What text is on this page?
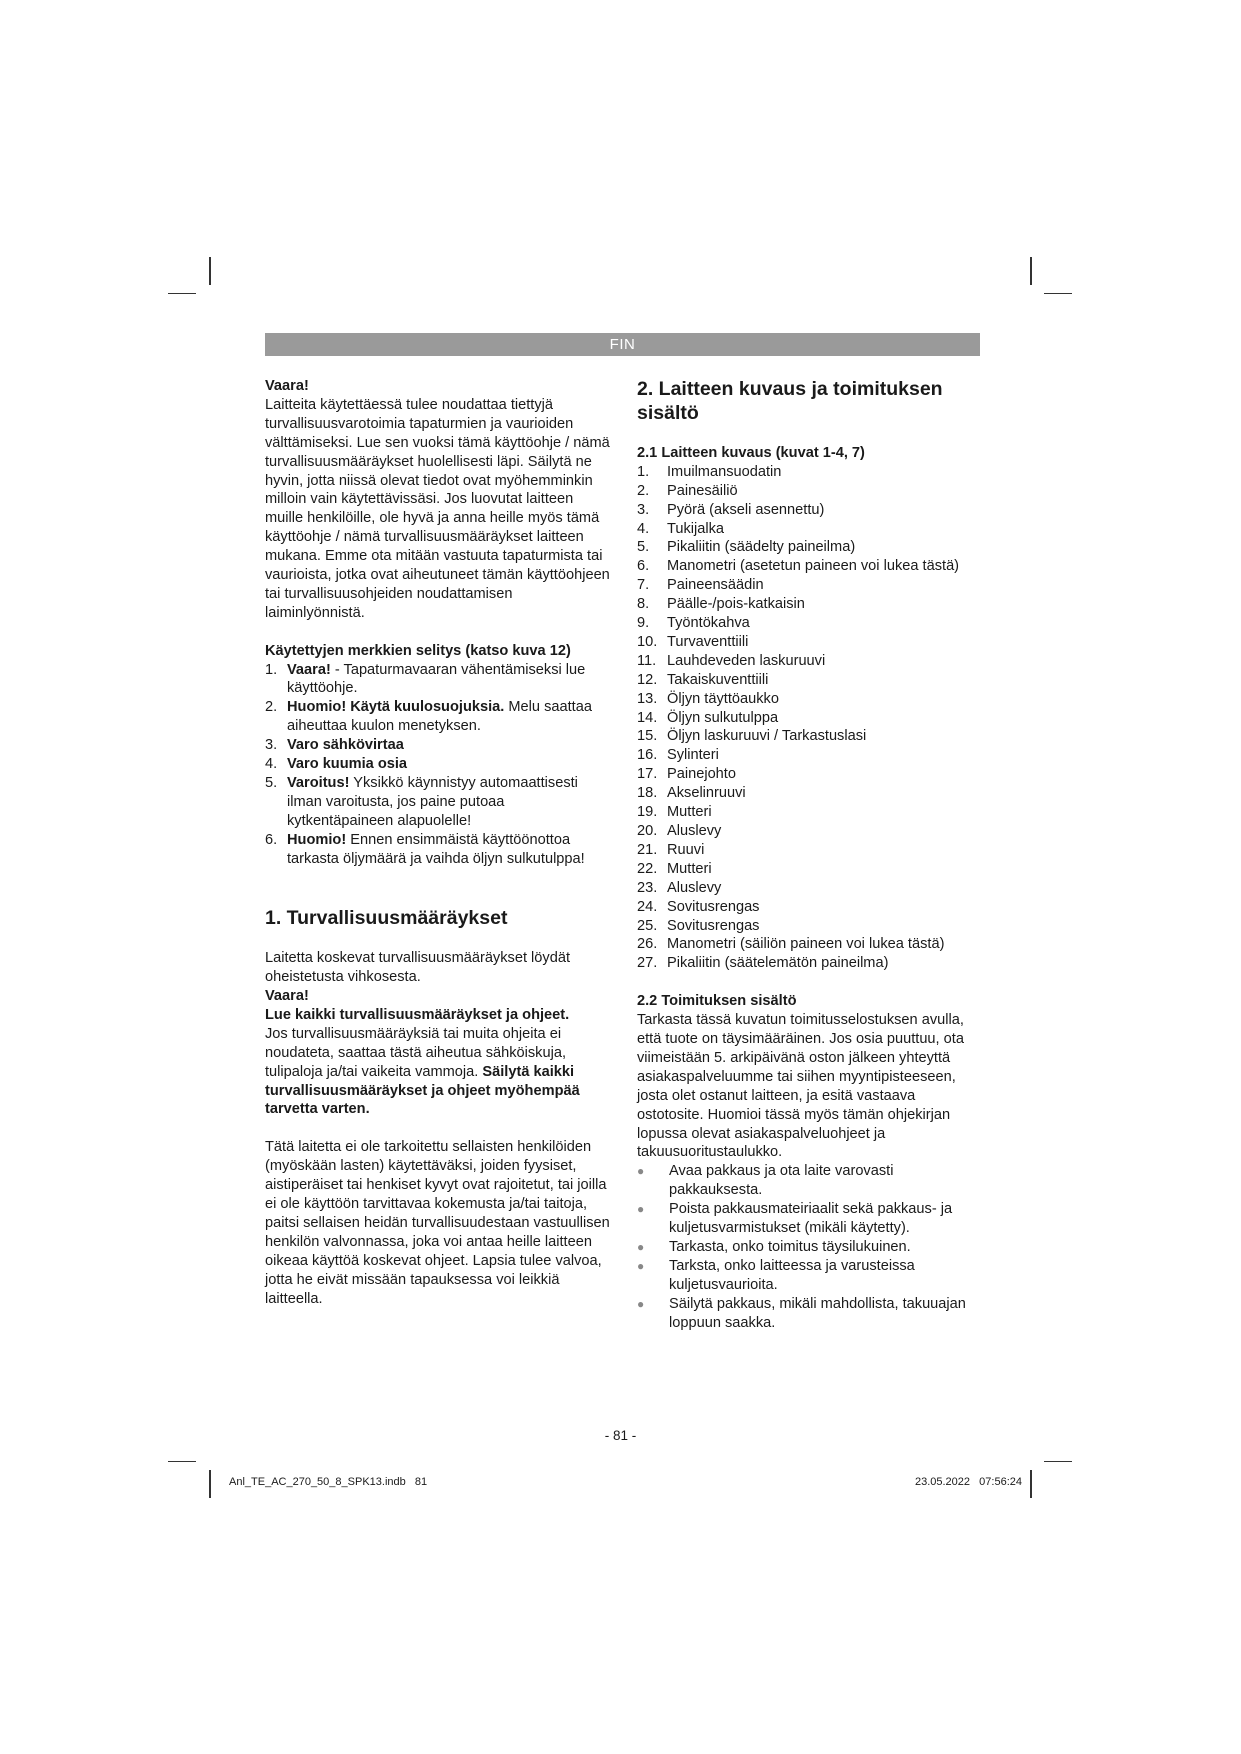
FIN

Vaara!

Laitteita käytettäessä tulee noudattaa tiettyjä turvallisuusvarotoimia tapaturmien ja vaurioiden välttämiseksi. Lue sen vuoksi tämä käyttöohje / nämä turvallisuusmääräykset huolellisesti läpi. Säilytä ne hyvin, jotta niissä olevat tiedot ovat myöhemminkin milloin vain käytettävissäsi. Jos luovutat laitteen muille henkilöille, ole hyvä ja anna heille myös tämä käyttöohje / nämä turvallisuusmääräykset laitteen mukana. Emme ota mitään vastuuta tapaturmista tai vaurioista, jotka ovat aiheutuneet tämän käyttöohjeen tai turvallisuusohjeiden noudattamisen laiminlyönnistä.

Käytettyjen merkkien selitys (katso kuva 12)

1. Vaara! - Tapaturmavaaran vähentämiseksi lue käyttöohje.
2. Huomio! Käytä kuulosuojuksia. Melu saattaa aiheuttaa kuulon menetyksen.
3. Varo sähkövirtaa
4. Varo kuumia osia
5. Varoitus! Yksikkö käynnistyy automaattisesti ilman varoitusta, jos paine putoaa kytkentäpaineen alapuolelle!
6. Huomio! Ennen ensimmäistä käyttöönottoa tarkasta öljymäärä ja vaihda öljyn sulkutulppa!

1. Turvallisuusmääräykset

Laitetta koskevat turvallisuusmääräykset löydät oheistetusta vihkosesta.

Vaara!

Lue kaikki turvallisuusmääräykset ja ohjeet.

Jos turvallisuusmääräyksiä tai muita ohjeita ei noudateta, saattaa tästä aiheutua sähköiskuja, tulipaloja ja/tai vaikeita vammoja. Säilytä kaikki turvallisuusmääräykset ja ohjeet myöhempää tarvetta varten.

Tätä laitetta ei ole tarkoitettu sellaisten henkilöiden (myöskään lasten) käytettäväksi, joiden fyysiset, aistiperäiset tai henkiset kyvyt ovat rajoitetut, tai joilla ei ole käyttöön tarvittavaa kokemusta ja/tai taitoja, paitsi sellaisen heidän turvallisuudestaan vastuullisen henkilön valvonnassa, joka voi antaa heille laitteen oikeaa käyttöä koskevat ohjeet. Lapsia tulee valvoa, jotta he eivät missään tapauksessa voi leikkiä laitteella.

2. Laitteen kuvaus ja toimituksen sisältö

2.1 Laitteen kuvaus (kuvat 1-4, 7)

1.	Imuilmansuodatin
2.	Painesäiliö
3.	Pyörä (akseli asennettu)
4.	Tukijalka
5.	Pikaliitin (säädelty paineilma)
6.	Manometri (asetetun paineen voi lukea tästä)
7.	Paineensäädin
8.	Päälle-/pois-katkaisin
9.	Työntökahva
10. Turvaventtiili
11. Lauhdeveden laskuruuvi
12. Takaiskuventtiili
13. Öljyn täyttöaukko
14. Öljyn sulkutulppa
15. Öljyn laskuruuvi / Tarkastuslasi
16. Sylinteri
17. Painejohto
18. Akselinruuvi
19. Mutteri
20. Aluslevy
21. Ruuvi
22. Mutteri
23. Aluslevy
24. Sovitusrengas
25. Sovitusrengas
26. Manometri (säiliön paineen voi lukea tästä)
27. Pikaliitin (säätelemätön paineilma)

2.2 Toimituksen sisältö

Tarkasta tässä kuvatun toimitusselostuksen avulla, että tuote on täysimääräinen. Jos osia puuttuu, ota viimeistään 5. arkipäivänä oston jälkeen yhteyttä asiakaspalveluumme tai siihen myyntipisteeseen, josta olet ostanut laitteen, ja esitä vastaava ostotosite. Huomioi tässä myös tämän ohjekirjan lopussa olevat asiakaspalveluohjeet ja takuusuoritustaulukko.

●	Avaa pakkaus ja ota laite varovasti pakkauksesta.
●	Poista pakkausmateiriaalit sekä pakkaus- ja kuljetusvarmistukset (mikäli käytetty).
●	Tarkasta, onko toimitus täysilukuinen.
●	Tarksta, onko laitteessa ja varusteissa kuljetusvaurioita.
●	Säilytä pakkaus, mikäli mahdollista, takuuajan loppuun saakka.
- 81 -
Anl_TE_AC_270_50_8_SPK13.indb   81	23.05.2022   07:56:24
